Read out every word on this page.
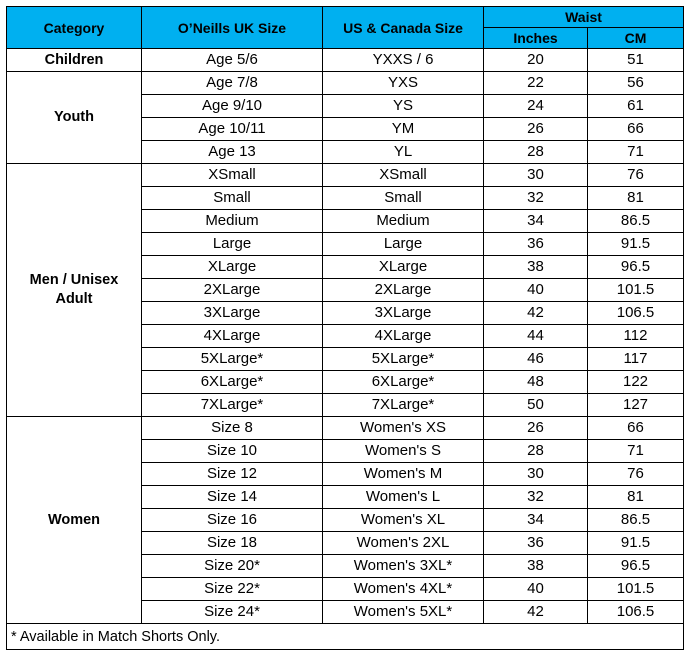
Category	O’Neills UK Size	US & Canada Size	Waist	
			Inches	CM
Children	Age 5/6	YXXS / 6	20	51
Youth	Age 7/8	YXS	22	56
	Age 9/10	YS	24	61
	Age 10/11	YM	26	66
	Age 13	YL	28	71
Men / Unisex
Adult	XSmall	XSmall	30	76
	Small	Small	32	81
	Medium	Medium	34	86.5
	Large	Large	36	91.5
	XLarge	XLarge	38	96.5
	2XLarge	2XLarge	40	101.5
	3XLarge	3XLarge	42	106.5
	4XLarge	4XLarge	44	112
	5XLarge*	5XLarge*	46	117
	6XLarge*	6XLarge*	48	122
	7XLarge*	7XLarge*	50	127
Women	Size 8	Women's XS	26	66
	Size 10	Women's S	28	71
	Size 12	Women's M	30	76
	Size 14	Women's L	32	81
	Size 16	Women's XL	34	86.5
	Size 18	Women's 2XL	36	91.5
	Size 20*	Women's 3XL*	38	96.5
	Size 22*	Women's 4XL*	40	101.5
	Size 24*	Women's 5XL*	42	106.5
* Available in Match Shorts Only.				
